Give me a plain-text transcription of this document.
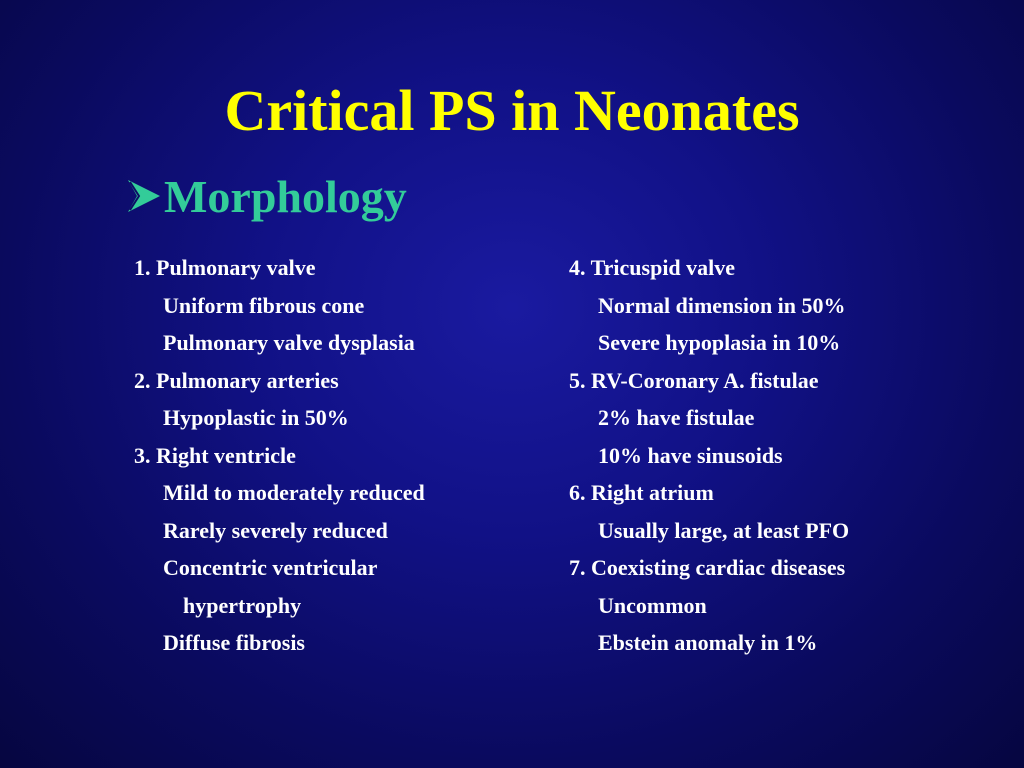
Critical PS in Neonates
Morphology
1. Pulmonary valve
Uniform fibrous cone
Pulmonary valve dysplasia
2. Pulmonary arteries
Hypoplastic in 50%
3. Right ventricle
Mild to moderately reduced
Rarely severely reduced
Concentric ventricular
hypertrophy
Diffuse fibrosis
4. Tricuspid valve
Normal dimension in 50%
Severe hypoplasia in 10%
5. RV-Coronary A. fistulae
2% have fistulae
10% have sinusoids
6. Right atrium
Usually large, at least PFO
7. Coexisting cardiac diseases
Uncommon
Ebstein anomaly in 1%
